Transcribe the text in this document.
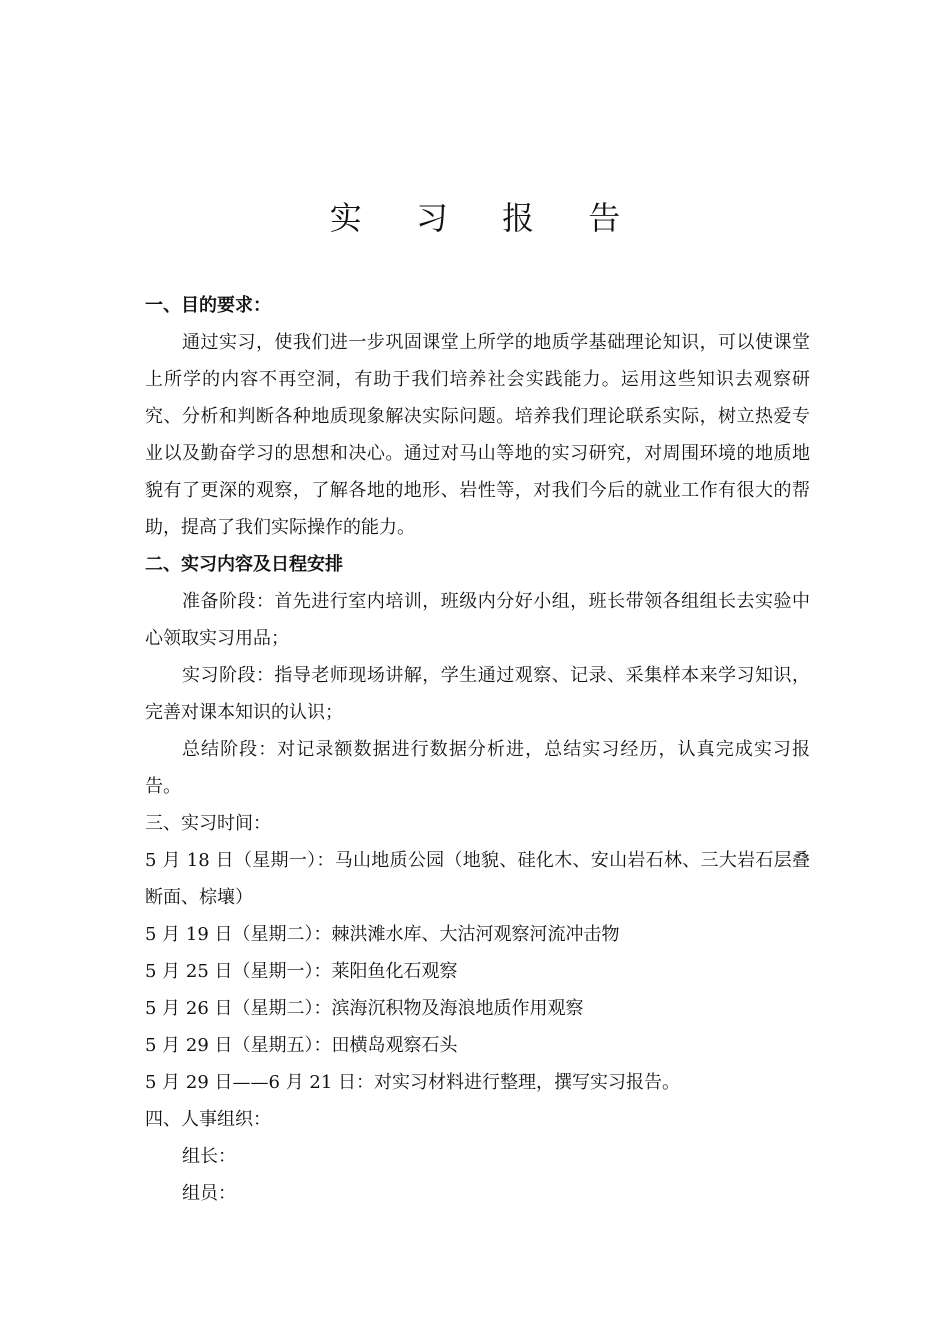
实 习 报 告

一、目的要求：

通过实习，使我们进一步巩固课堂上所学的地质学基础理论知识，可以使课堂上所学的内容不再空洞，有助于我们培养社会实践能力。运用这些知识去观察研究、分析和判断各种地质现象解决实际问题。培养我们理论联系实际，树立热爱专业以及勤奋学习的思想和决心。通过对马山等地的实习研究，对周围环境的地质地貌有了更深的观察，了解各地的地形、岩性等，对我们今后的就业工作有很大的帮助，提高了我们实际操作的能力。

二、实习内容及日程安排

准备阶段：首先进行室内培训，班级内分好小组，班长带领各组组长去实验中心领取实习用品；

实习阶段：指导老师现场讲解，学生通过观察、记录、采集样本来学习知识，完善对课本知识的认识；

总结阶段：对记录额数据进行数据分析进，总结实习经历，认真完成实习报告。

三、实习时间：

5 月 18 日（星期一）：马山地质公园（地貌、硅化木、安山岩石林、三大岩石层叠断面、棕壤）

5 月 19 日（星期二）：棘洪滩水库、大沽河观察河流冲击物

5 月 25 日（星期一）：莱阳鱼化石观察

5 月 26 日（星期二）：滨海沉积物及海浪地质作用观察

5 月 29 日（星期五）：田横岛观察石头

5 月 29 日——6 月 21 日：对实习材料进行整理，撰写实习报告。

四、人事组织：

组长：

组员：
